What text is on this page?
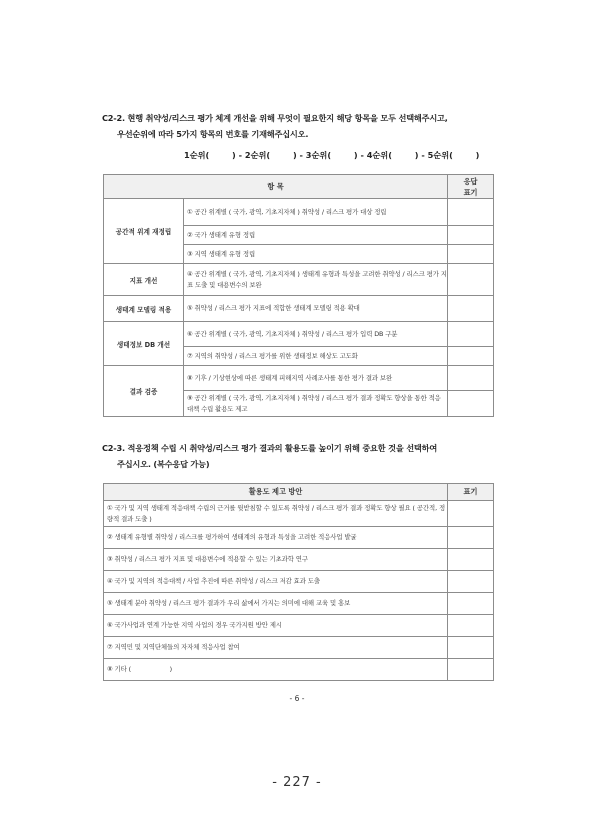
C2-2. 현행 취약성/리스크 평가 체계 개선을 위해 무엇이 필요한지 해당 항목을 모두 선택해주시고,
우선순위에 따라 5가지 항목의 번호를 기재해주십시오.
1순위(        ) - 2순위(        ) - 3순위(        ) - 4순위(        ) - 5순위(        )
항 목		응답
표기
공간적 위계 재정립	① 공간 위계별 ( 국가, 광역, 기초지자체 ) 취약성 / 리스크 평가 대상 정립	
	② 국가 생태계 유형 정립	
	③ 지역 생태계 유형 정립	
지표 개선	④ 공간 위계별 ( 국가, 광역, 기초지자체 ) 생태계 유형과 특성을 고려한 취약성 / 리스크 평가 지표 도출 및 대용변수의 보완	
생태계 모델링 적용	⑤ 취약성 / 리스크 평가 지표에 적합한 생태계 모델링 적용 확대	
생태정보 DB 개선	⑥ 공간 위계별 ( 국가, 광역, 기초지자체 ) 취약성 / 리스크 평가 입력 DB 구분	
	⑦ 지역의 취약성 / 리스크 평가를 위한 생태정보 해상도 고도화	
결과 검증	⑧ 기후 / 기상현상에 따른 생태계 피해지역 사례조사를 통한 평가 결과 보완	
	⑨ 공간 위계별 ( 국가, 광역, 기초지자체 ) 취약성 / 리스크 평가 결과 정확도 향상을 통한 적응 대책 수립 활용도 제고	
C2-3. 적응정책 수립 시 취약성/리스크 평가 결과의 활용도를 높이기 위해 중요한 것을 선택하여
주십시오. (복수응답 가능)
활용도 제고 방안	표기
① 국가 및 지역 생태계 적응대책 수립의 근거를 뒷받침할 수 있도록 취약성 / 리스크 평가 결과 정확도 향상 필요 ( 공간적, 정량적 결과 도출 )	
② 생태계 유형별 취약성 / 리스크를 평가하여 생태계의 유형과 특성을 고려한 적응사업 발굴	
③ 취약성 / 리스크 평가 지표 및 대용변수에 적용할 수 있는 기초과학 연구	
④ 국가 및 지역의 적응대책 / 사업 추진에 따른 취약성 / 리스크 저감 효과 도출	
⑤ 생태계 분야 취약성 / 리스크 평가 결과가 우리 삶에서 가지는 의미에 대해 교육 및 홍보	
⑥ 국가사업과 연계 가능한 지역 사업의 경우 국가지원 방안 제시	
⑦ 지역민 및 지역단체들의 자자체 적응사업 참여	
⑧ 기타 (                    )	
- 6 -
- 227 -
